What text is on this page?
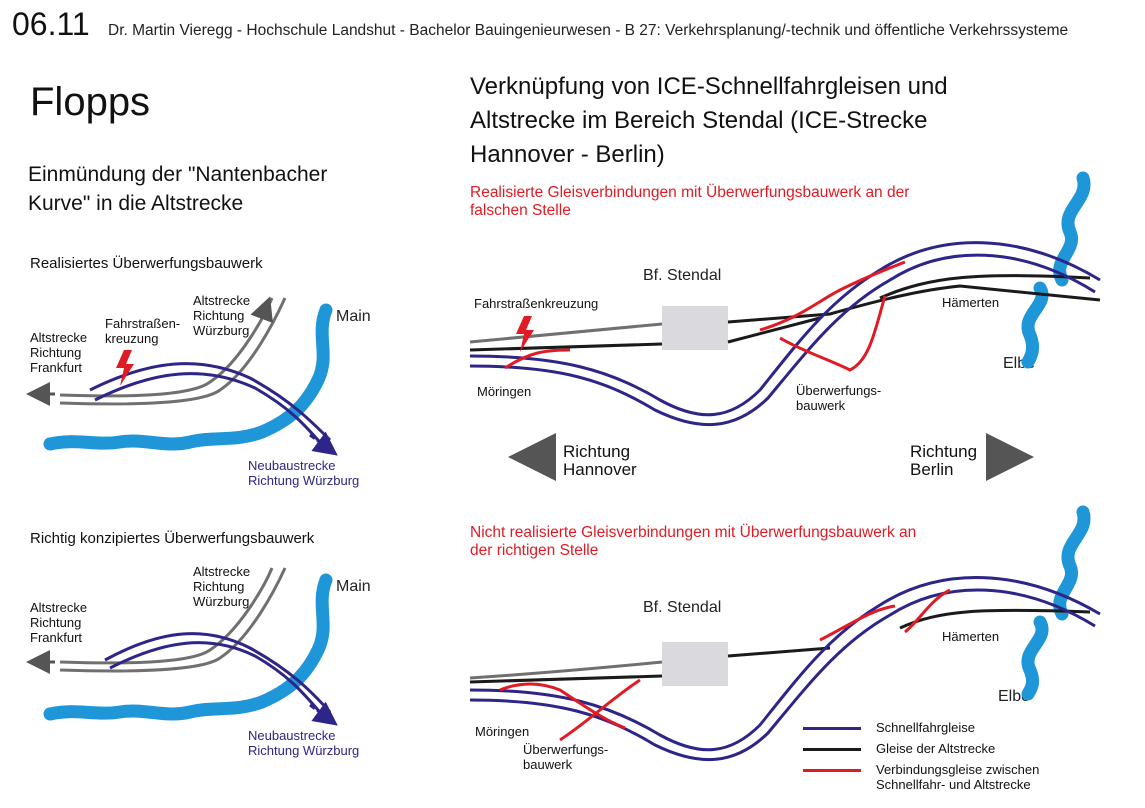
06.11 Dr. Martin Vieregg - Hochschule Landshut - Bachelor Bauingenieurwesen - B 27: Verkehrsplanung/-technik und öffentliche Verkehrssysteme
Flopps
Einmündung der "Nantenbacher Kurve" in die Altstrecke
Verknüpfung von ICE-Schnellfahrgleisen und Altstrecke im Bereich Stendal (ICE-Strecke Hannover - Berlin)
Realisiertes Überwerfungsbauwerk
Altstrecke Richtung Frankfurt
Altstrecke Richtung Würzburg
Fahrstraßen-kreuzung
Main
Neubaustrecke Richtung Würzburg
Richtig konzipiertes Überwerfungsbauwerk
Altstrecke Richtung Frankfurt
Altstrecke Richtung Würzburg
Main
Neubaustrecke Richtung Würzburg
Realisierte Gleisverbindungen mit Überwerfungsbauwerk an der falschen Stelle
Bf. Stendal
Fahrstraßenkreuzung
Möringen	Überwerfungs-bauwerk
Hämerten
Elbe
Richtung Hannover
Richtung Berlin
Nicht realisierte Gleisverbindungen mit Überwerfungsbauwerk an der richtigen Stelle
Bf. Stendal
Möringen
Überwerfungs-bauwerk
Hämerten
Elbe
Schnellfahrgleise
Gleise der Altstrecke
Verbindungsgleise zwischen Schnellfahr- und Altstrecke
